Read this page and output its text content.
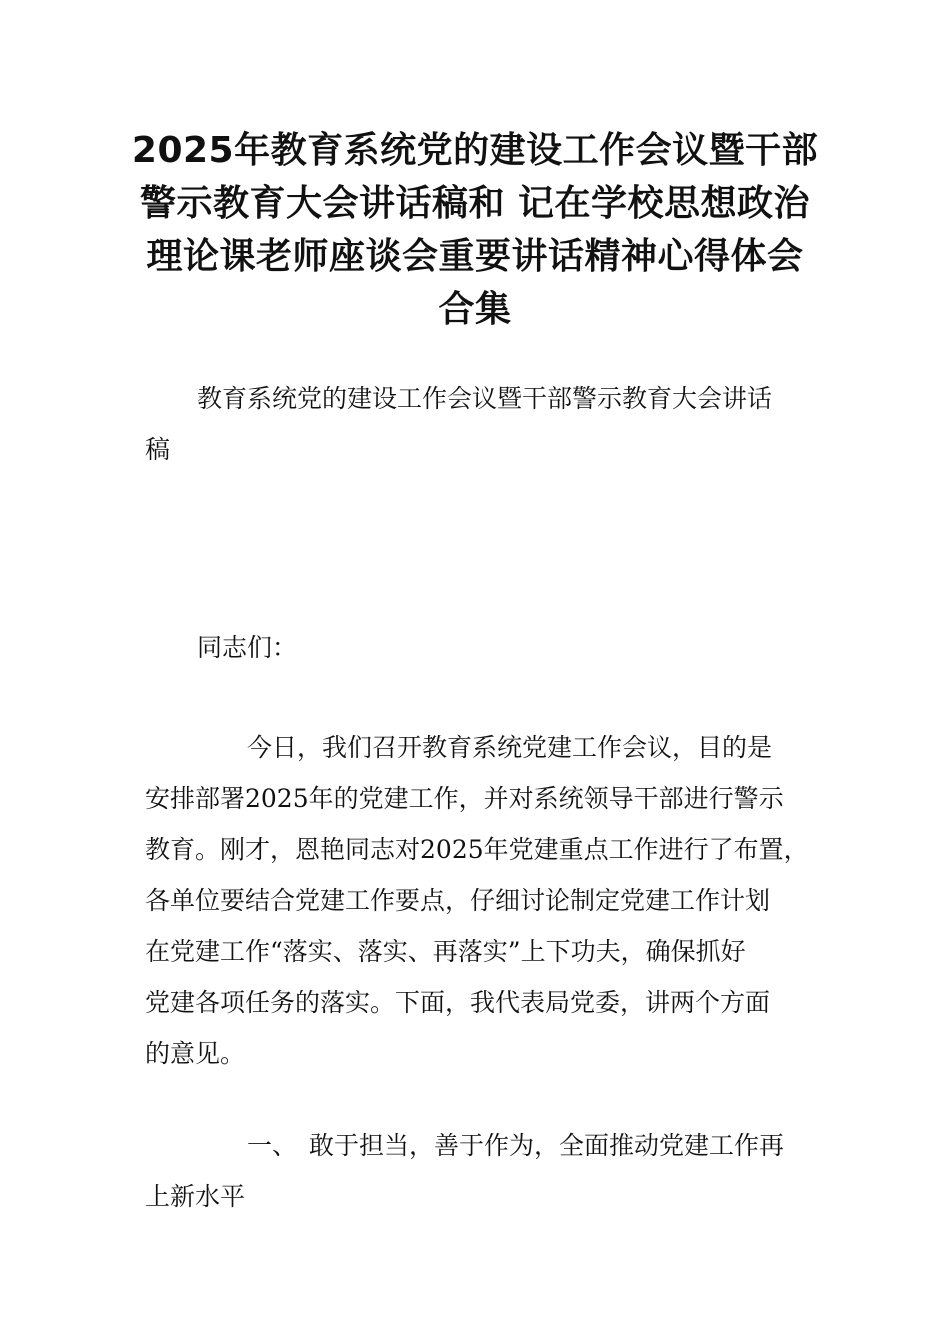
2025年教育系统党的建设工作会议暨干部
警示教育大会讲话稿和 记在学校思想政治
理论课老师座谈会重要讲话精神心得体会
合集

教育系统党的建设工作会议暨干部警示教育大会讲话
稿

同志们：

今日，我们召开教育系统党建工作会议，目的是
安排部署2025年的党建工作，并对系统领导干部进行警示
教育。刚才，恩艳同志对2025年党建重点工作进行了布置，
各单位要结合党建工作要点，仔细讨论制定党建工作计划
在党建工作“落实、落实、再落实”上下功夫，确保抓好
党建各项任务的落实。下面，我代表局党委，讲两个方面
的意见。

一、 敢于担当，善于作为，全面推动党建工作再
上新水平
